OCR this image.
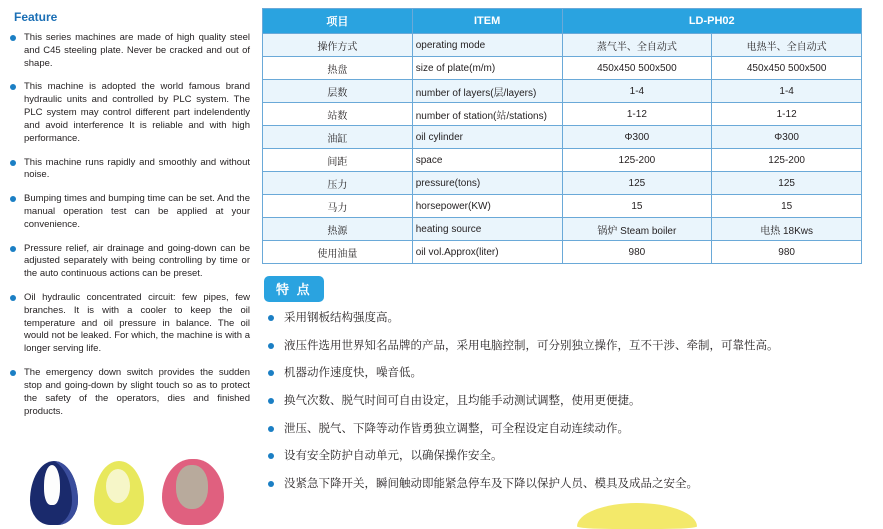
Feature
This series machines are made of high quality steel and C45 steeling plate. Never be cracked and out of shape.
This machine is adopted the world famous brand hydraulic units and controlled by PLC system. The PLC system may control different part indelendently and avoid interference It is reliable and with high performance.
This machine runs rapidly and smoothly and without noise.
Bumping times and bumping time can be set. And the manual operation test can be applied at your convenience.
Pressure relief, air drainage and going-down can be adjusted separately with being controlling by time or the auto continuous actions can be preset.
Oil hydraulic concentrated circuit: few pipes, few branches. It is with a cooler to keep the oil temperature and oil pressure in balance. The oil would not be leaked. For which, the machine is with a longer serving life.
The emergency down switch provides the sudden stop and going-down by slight touch so as to protect the safety of the operators, dies and finished products.
项目	ITEM	LD-PH02	
操作方式	operating mode	蒸气半、全自动式	电热半、全自动式
热盘	size of plate(m/m)	450x450 500x500	450x450 500x500
层数	number of layers(层/layers)	1-4	1-4
站数	number of station(站/stations)	1-12	1-12
油缸	oil cylinder	Φ300	Φ300
间距	space	125-200	125-200
压力	pressure(tons)	125	125
马力	horsepower(KW)	15	15
热源	heating source	锅炉 Steam boiler	电热 18Kws
使用油量	oil vol.Approx(liter)	980	980
特 点
采用钢板结构强度高。
液压件选用世界知名品牌的产品，采用电脑控制，可分别独立操作，互不干涉、牵制，可靠性高。
机器动作速度快，噪音低。
换气次数、脱气时间可自由设定，且均能手动测试调整，使用更便捷。
泄压、脱气、下降等动作皆勇独立调整，可全程设定自动连续动作。
设有安全防护自动单元，以确保操作安全。
没紧急下降开关，瞬间触动即能紧急停车及下降以保护人员、模具及成品之安全。
